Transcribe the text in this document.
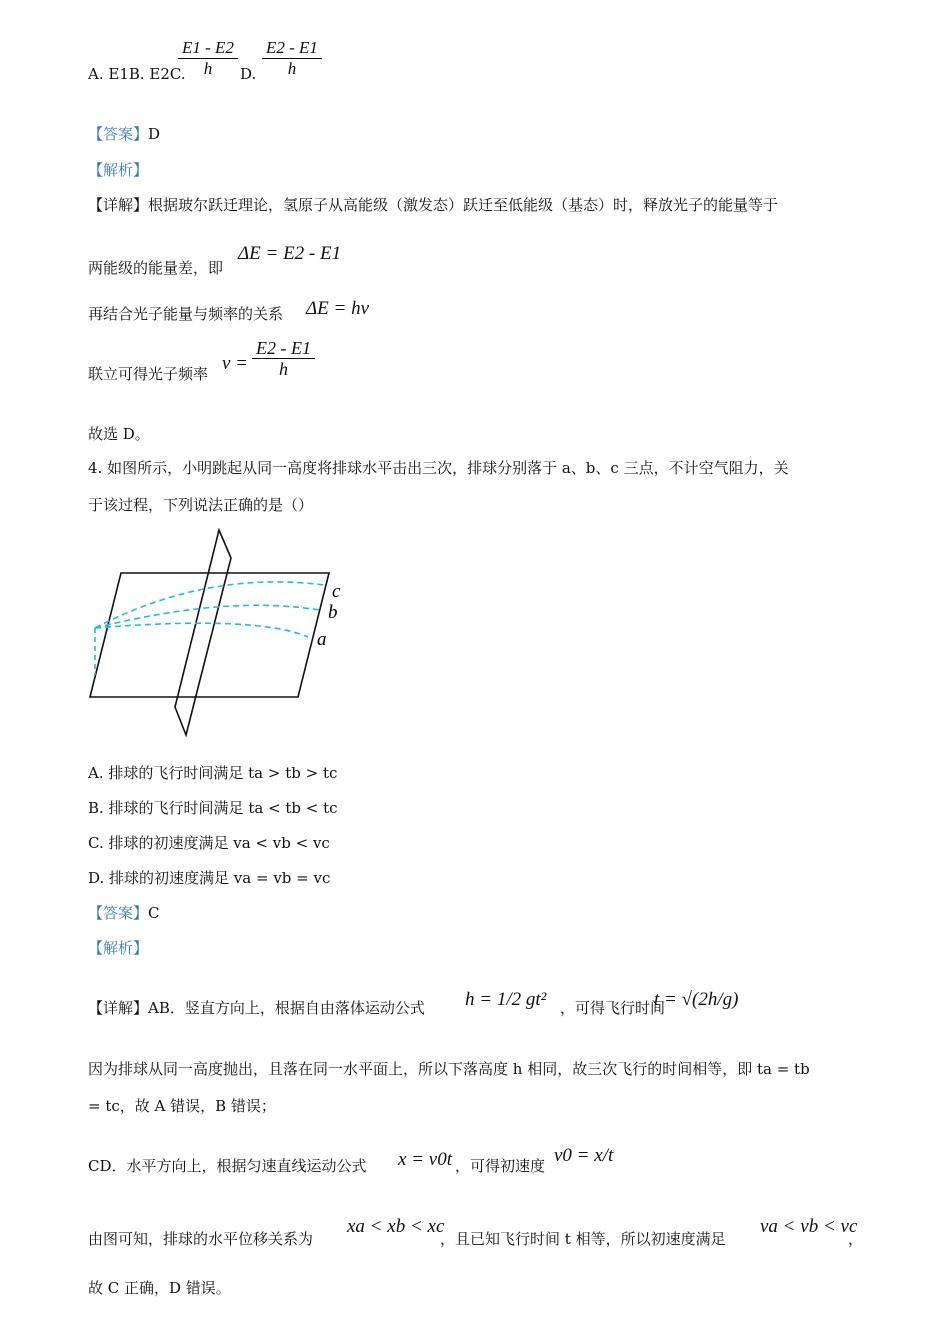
A. E1B. E2C.
$\frac{E1 - E2}{h} D$. $\frac{E2 - E1}{h}$
【答案】D
【解析】
【详解】根据玻尔跃迁理论，氢原子从高能级（激发态）跃迁至低能级（基态）时，释放光子的能量等于
两能级的能量差，即
ΔE = E2 - E1
再结合光子能量与频率的关系 ΔE = hν
联立可得光子频率 $\nu = \frac{E2 - E1}{h}$
故选 D。
4. 如图所示，小明跳起从同一高度将排球水平击出三次，排球分别落于 a、b、c 三点，不计空气阻力，关
于该过程，下列说法正确的是（）
c
b
a
A. 排球的飞行时间满足 ta > tb > tc
B. 排球的飞行时间满足 ta < tb < tc
C. 排球的初速度满足 va < vb < vc
D. 排球的初速度满足 va = vb = vc
【答案】C
【解析】
【详解】AB．竖直方向上，根据自由落体运动公式 h = 1/2 gt² ，可得飞行时间
t = √(2h/g)
因为排球从同一高度抛出，且落在同一水平面上，所以下落高度 h 相同，故三次飞行的时间相等，即 ta = tb
= tc，故 A 错误，B 错误；
CD．水平方向上，根据匀速直线运动公式 x = v0t ，可得初速度 v0 = x/t
由图可知，排球的水平位移关系为
xa < xb < xc
，且已知飞行时间 t 相等，所以初速度满足
va < vb < vc
，
故 C 正确，D 错误。
